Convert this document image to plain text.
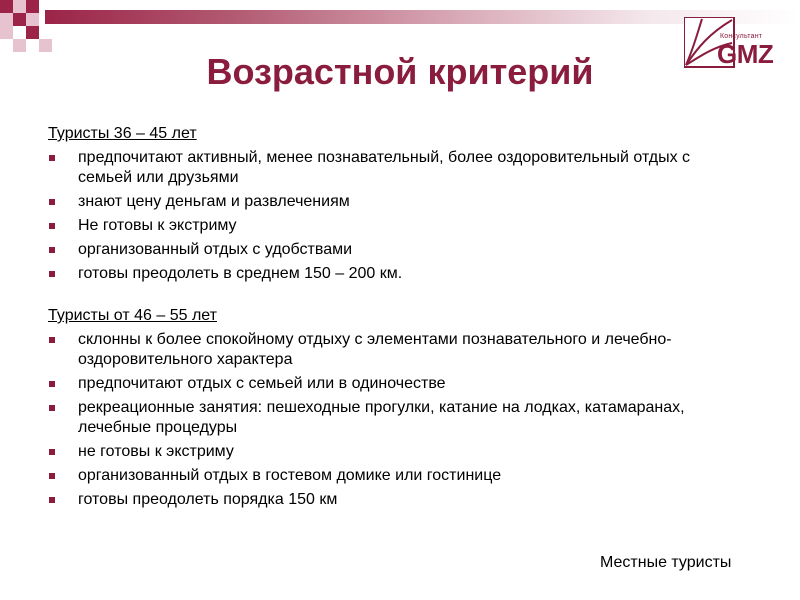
Консультант
GMZ
Возрастной критерий

Туристы 36 – 45 лет

предпочитают активный, менее познавательный, более оздоровительный отдых с семьей или друзьями
знают цену деньгам и развлечениям
Не готовы к экстриму
организованный отдых с удобствами
готовы преодолеть в среднем 150 – 200 км.

Туристы от 46 – 55 лет

склонны к более спокойному отдыху с элементами познавательного и лечебно-оздоровительного характера
предпочитают отдых с семьей или в одиночестве
рекреационные занятия: пешеходные прогулки, катание на лодках, катамаранах, лечебные процедуры
не готовы к экстриму
организованный отдых в гостевом домике или гостинице
готовы преодолеть порядка 150 км
Местные туристы
